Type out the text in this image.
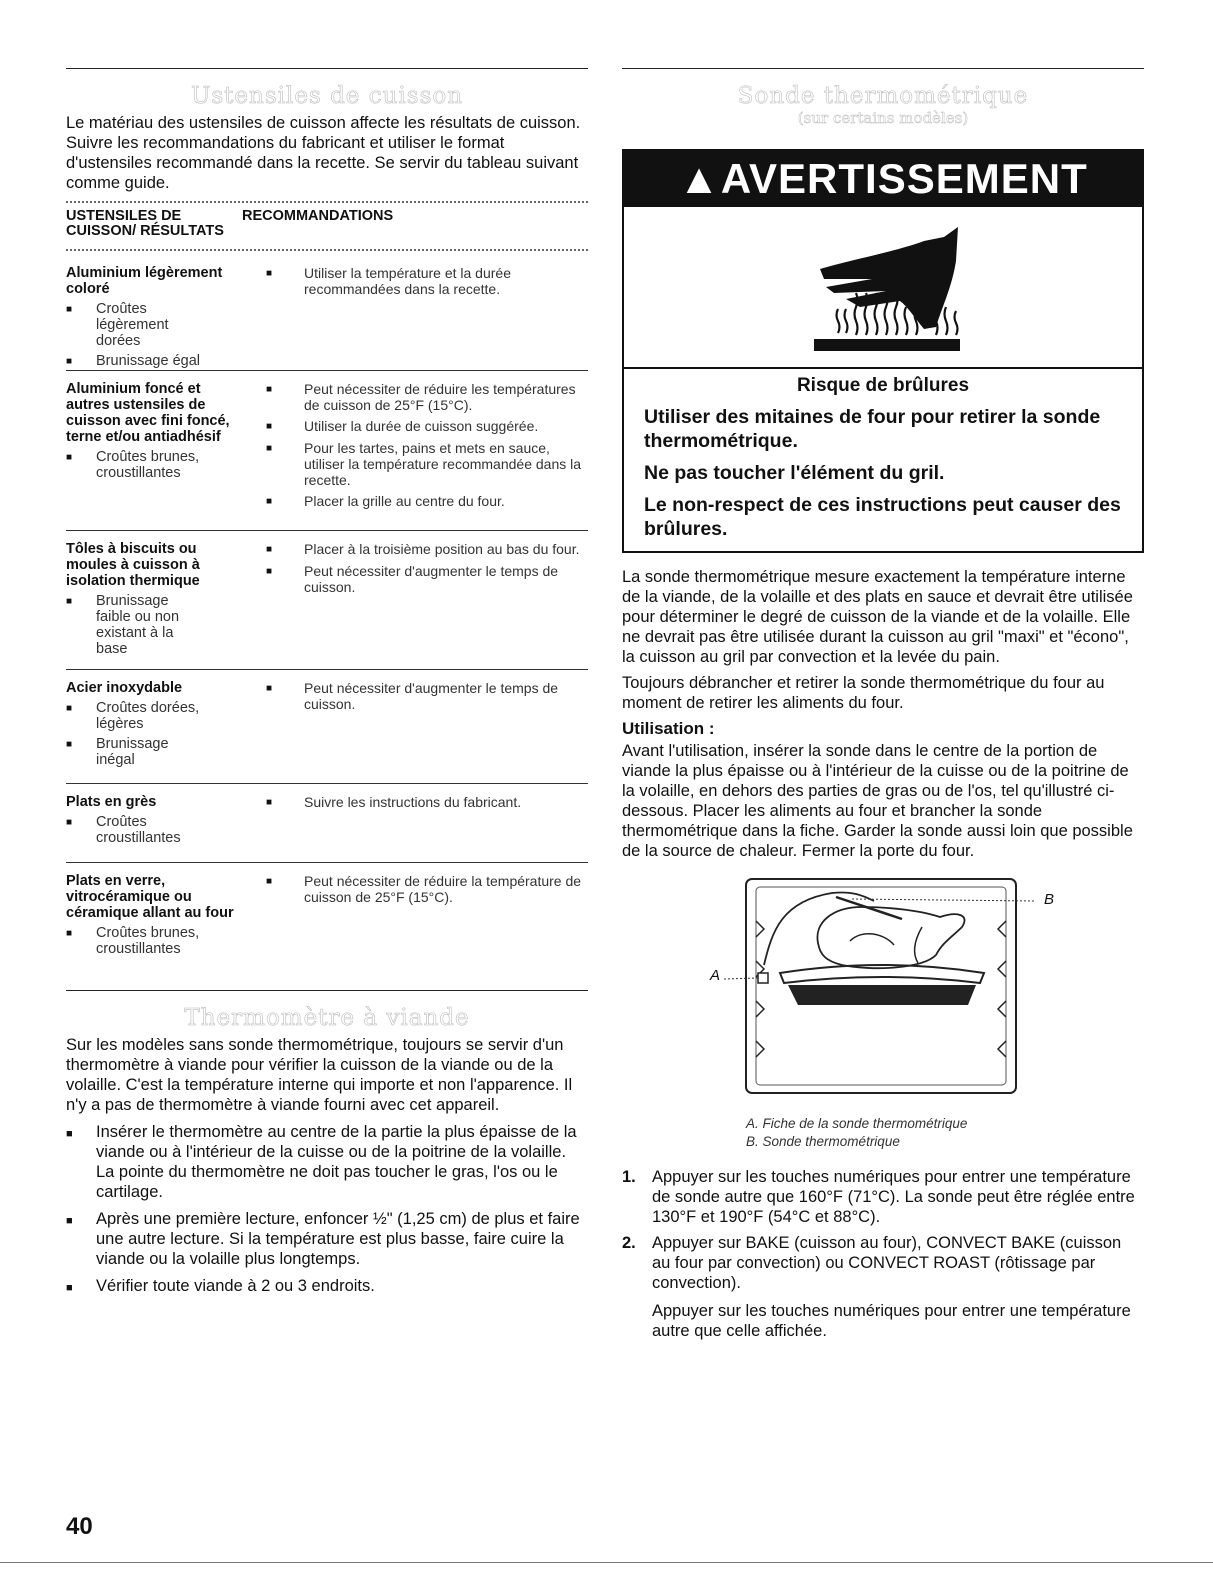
Ustensiles de cuisson
Le matériau des ustensiles de cuisson affecte les résultats de cuisson. Suivre les recommandations du fabricant et utiliser le format d'ustensiles recommandé dans la recette. Se servir du tableau suivant comme guide.
USTENSILES DE CUISSON/ RÉSULTATS
RECOMMANDATIONS
Aluminium légèrement coloré
■ Croûtes légèrement dorées
■ Brunissage égal
■ Utiliser la température et la durée recommandées dans la recette.
Aluminium foncé et autres ustensiles de cuisson avec fini foncé, terne et/ou antiadhésif
■ Croûtes brunes, croustillantes
■ Peut nécessiter de réduire les températures de cuisson de 25°F (15°C).
■ Utiliser la durée de cuisson suggérée.
■ Pour les tartes, pains et mets en sauce, utiliser la température recommandée dans la recette.
■ Placer la grille au centre du four.
Tôles à biscuits ou moules à cuisson à isolation thermique
■ Brunissage faible ou non existant à la base
■ Placer à la troisième position au bas du four.
■ Peut nécessiter d'augmenter le temps de cuisson.
Acier inoxydable
■ Croûtes dorées, légères
■ Brunissage inégal
■ Peut nécessiter d'augmenter le temps de cuisson.
Plats en grès
■ Croûtes croustillantes
■ Suivre les instructions du fabricant.
Plats en verre, vitrocéramique ou céramique allant au four
■ Croûtes brunes, croustillantes
■ Peut nécessiter de réduire la température de cuisson de 25°F (15°C).
Thermomètre à viande
Sur les modèles sans sonde thermométrique, toujours se servir d'un thermomètre à viande pour vérifier la cuisson de la viande ou de la volaille. C'est la température interne qui importe et non l'apparence. Il n'y a pas de thermomètre à viande fourni avec cet appareil.
■ Insérer le thermomètre au centre de la partie la plus épaisse de la viande ou à l'intérieur de la cuisse ou de la poitrine de la volaille. La pointe du thermomètre ne doit pas toucher le gras, l'os ou le cartilage.
■ Après une première lecture, enfoncer ½" (1,25 cm) de plus et faire une autre lecture. Si la température est plus basse, faire cuire la viande ou la volaille plus longtemps.
■ Vérifier toute viande à 2 ou 3 endroits.
Sonde thermométrique
(sur certains modèles)
▲AVERTISSEMENT
Risque de brûlures
Utiliser des mitaines de four pour retirer la sonde thermométrique.
Ne pas toucher l'élément du gril.
Le non-respect de ces instructions peut causer des brûlures.
La sonde thermométrique mesure exactement la température interne de la viande, de la volaille et des plats en sauce et devrait être utilisée pour déterminer le degré de cuisson de la viande et de la volaille. Elle ne devrait pas être utilisée durant la cuisson au gril "maxi" et "écono", la cuisson au gril par convection et la levée du pain.
Toujours débrancher et retirer la sonde thermométrique du four au moment de retirer les aliments du four.
Utilisation :
Avant l'utilisation, insérer la sonde dans le centre de la portion de viande la plus épaisse ou à l'intérieur de la cuisse ou de la poitrine de la volaille, en dehors des parties de gras ou de l'os, tel qu'illustré ci-dessous. Placer les aliments au four et brancher la sonde thermométrique dans la fiche. Garder la sonde aussi loin que possible de la source de chaleur. Fermer la porte du four.
A
B
A. Fiche de la sonde thermométrique
B. Sonde thermométrique
1. Appuyer sur les touches numériques pour entrer une température de sonde autre que 160°F (71°C). La sonde peut être réglée entre 130°F et 190°F (54°C et 88°C).
2. Appuyer sur BAKE (cuisson au four), CONVECT BAKE (cuisson au four par convection) ou CONVECT ROAST (rôtissage par convection).
Appuyer sur les touches numériques pour entrer une température autre que celle affichée.
40
